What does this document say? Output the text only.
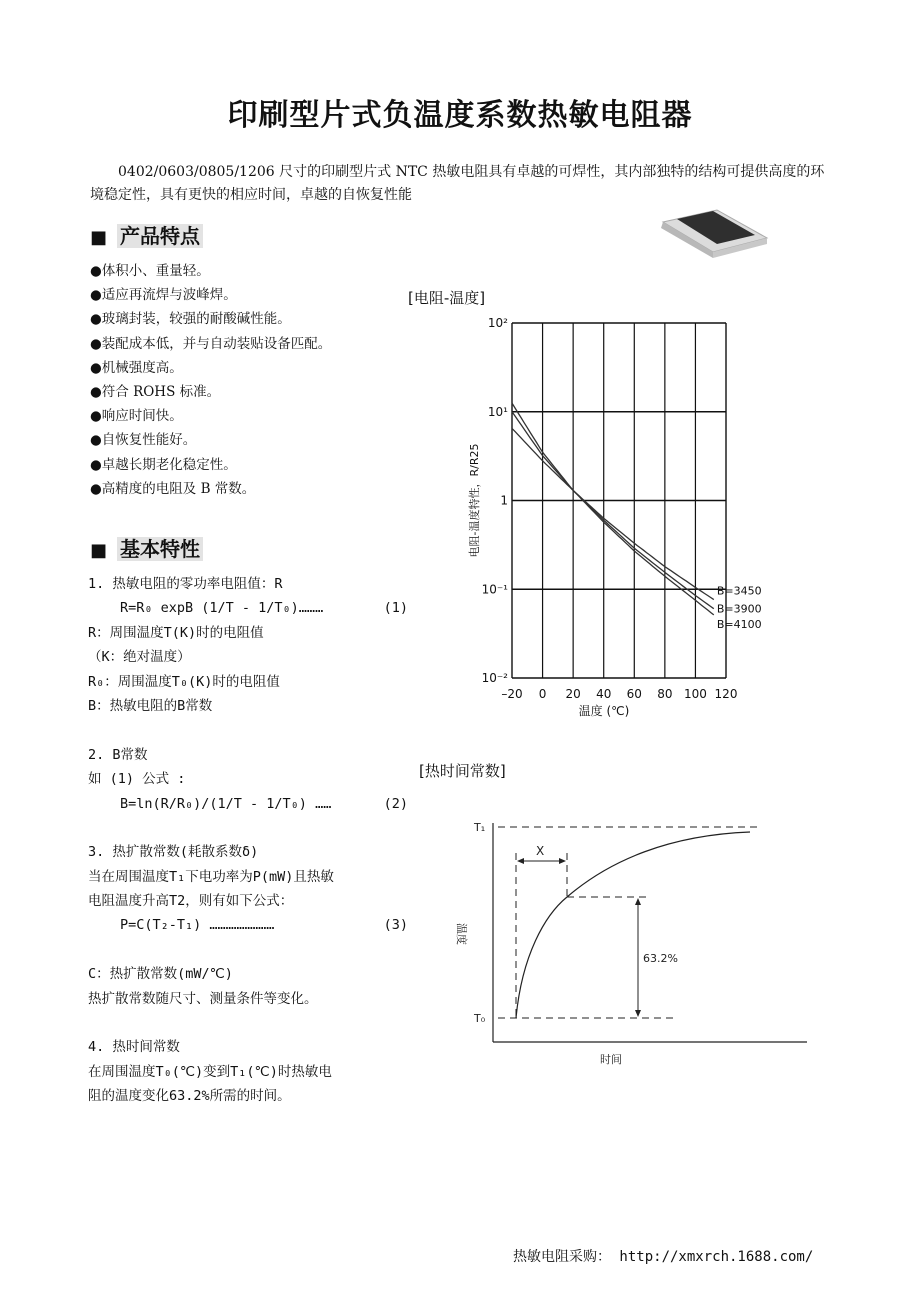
印刷型片式负温度系数热敏电阻器
0402/0603/0805/1206 尺寸的印刷型片式 NTC 热敏电阻具有卓越的可焊性，其内部独特的结构可提供高度的环境稳定性，具有更快的相应时间，卓越的自恢复性能
■ 产品特点
●体积小、重量轻。
●适应再流焊与波峰焊。
●玻璃封装，较强的耐酸碱性能。
●装配成本低，并与自动装贴设备匹配。
●机械强度高。
●符合 ROHS 标准。
●响应时间快。
●自恢复性能好。
●卓越长期老化稳定性。
●高精度的电阻及 B 常数。
■ 基本特性
1. 热敏电阻的零功率电阻值：R
R=R₀ expB (1/T - 1/T₀)………	(1)
R：周围温度T(K)时的电阻值
（K：绝对温度）
R₀：周围温度T₀(K)时的电阻值
B：热敏电阻的B常数
2. B常数
如 (1) 公式 :
B=ln(R/R₀)/(1/T - 1/T₀) ……	(2)
3. 热扩散常数(耗散系数δ)
当在周围温度T₁下电功率为P(mW)且热敏
电阻温度升高T2，则有如下公式：
P=C(T₂-T₁) ……………………	(3)
C：热扩散常数(mW/℃)
热扩散常数随尺寸、测量条件等变化。
4. 热时间常数
在周围温度T₀(℃)变到T₁(℃)时热敏电
阻的温度变化63.2%所需的时间。
[电阻-温度]
–20 0 20 40 60 80 100 120
10²
10¹
1
10⁻¹
10⁻²
B=3450
B=3900
B=4100
温度 (℃)
电阻-温度特性，R/R25
[热时间常数]
T₁
T₀
X
63.2%
温度
时间
热敏电阻采购： http://xmxrch.1688.com/
